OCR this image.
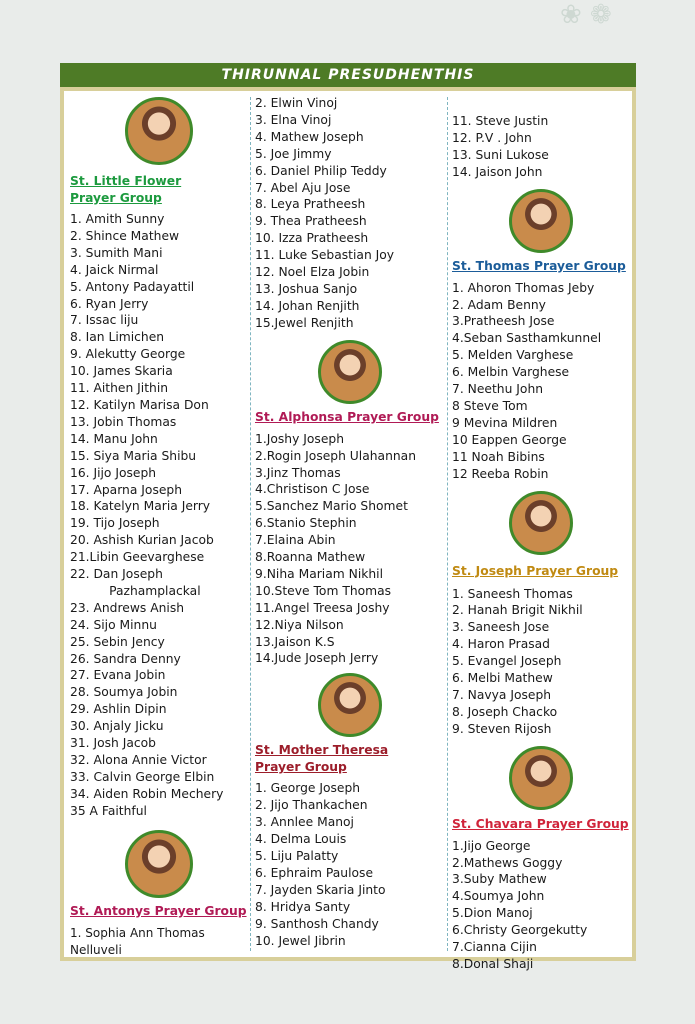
❀ ❁
THIRUNNAL PRESUDHENTHIS
St. Little Flower
Prayer Group
1. Amith Sunny
2. Shince Mathew
3. Sumith Mani
4. Jaick Nirmal
5. Antony Padayattil
6. Ryan Jerry
7. Issac liju
8. Ian Limichen
9. Alekutty George
10. James Skaria
11. Aithen Jithin
12. Katilyn Marisa Don
13. Jobin Thomas
14. Manu John
15. Siya Maria Shibu
16. Jijo Joseph
17. Aparna Joseph
18. Katelyn Maria Jerry
19. Tijo Joseph
20. Ashish Kurian Jacob
21.Libin Geevarghese
22. Dan Joseph
Pazhamplackal
23. Andrews Anish
24. Sijo Minnu
25. Sebin Jency
26. Sandra Denny
27. Evana Jobin
28. Soumya Jobin
29. Ashlin Dipin
30. Anjaly Jicku
31. Josh Jacob
32. Alona Annie Victor
33. Calvin George Elbin
34. Aiden Robin Mechery
35 A Faithful
St. Antonys Prayer Group
1. Sophia Ann Thomas
Nelluveli
2. Elwin Vinoj
3. Elna Vinoj
4. Mathew Joseph
5. Joe Jimmy
6. Daniel Philip Teddy
7. Abel Aju Jose
8. Leya Pratheesh
9. Thea Pratheesh
10. Izza Pratheesh
11. Luke Sebastian Joy
12. Noel Elza Jobin
13. Joshua Sanjo
14. Johan Renjith
15.Jewel Renjith
St. Alphonsa Prayer Group
1.Joshy Joseph
2.Rogin Joseph Ulahannan
3.Jinz Thomas
4.Christison C Jose
5.Sanchez Mario Shomet
6.Stanio Stephin
7.Elaina Abin
8.Roanna Mathew
9.Niha Mariam Nikhil
10.Steve Tom Thomas
11.Angel Treesa Joshy
12.Niya Nilson
13.Jaison K.S
14.Jude Joseph Jerry
St. Mother Theresa
Prayer Group
1. George Joseph
2. Jijo Thankachen
3. Annlee Manoj
4. Delma Louis
5. Liju Palatty
6. Ephraim Paulose
7. Jayden Skaria Jinto
8. Hridya Santy
9. Santhosh Chandy
10. Jewel Jibrin
11. Steve Justin
12. P.V . John
13. Suni Lukose
14. Jaison John
St. Thomas Prayer Group
1. Ahoron Thomas Jeby
2. Adam Benny
3.Pratheesh Jose
4.Seban Sasthamkunnel
5. Melden Varghese
6. Melbin Varghese
7. Neethu John
8 Steve Tom
9 Mevina Mildren
10 Eappen George
11 Noah Bibins
12 Reeba Robin
St. Joseph Prayer Group
1. Saneesh Thomas
2. Hanah Brigit Nikhil
3. Saneesh Jose
4. Haron Prasad
5. Evangel Joseph
6. Melbi Mathew
7. Navya Joseph
8. Joseph Chacko
9. Steven Rijosh
St. Chavara Prayer Group
1.Jijo George
2.Mathews Goggy
3.Suby Mathew
4.Soumya John
5.Dion Manoj
6.Christy Georgekutty
7.Cianna Cijin
8.Donal Shaji
